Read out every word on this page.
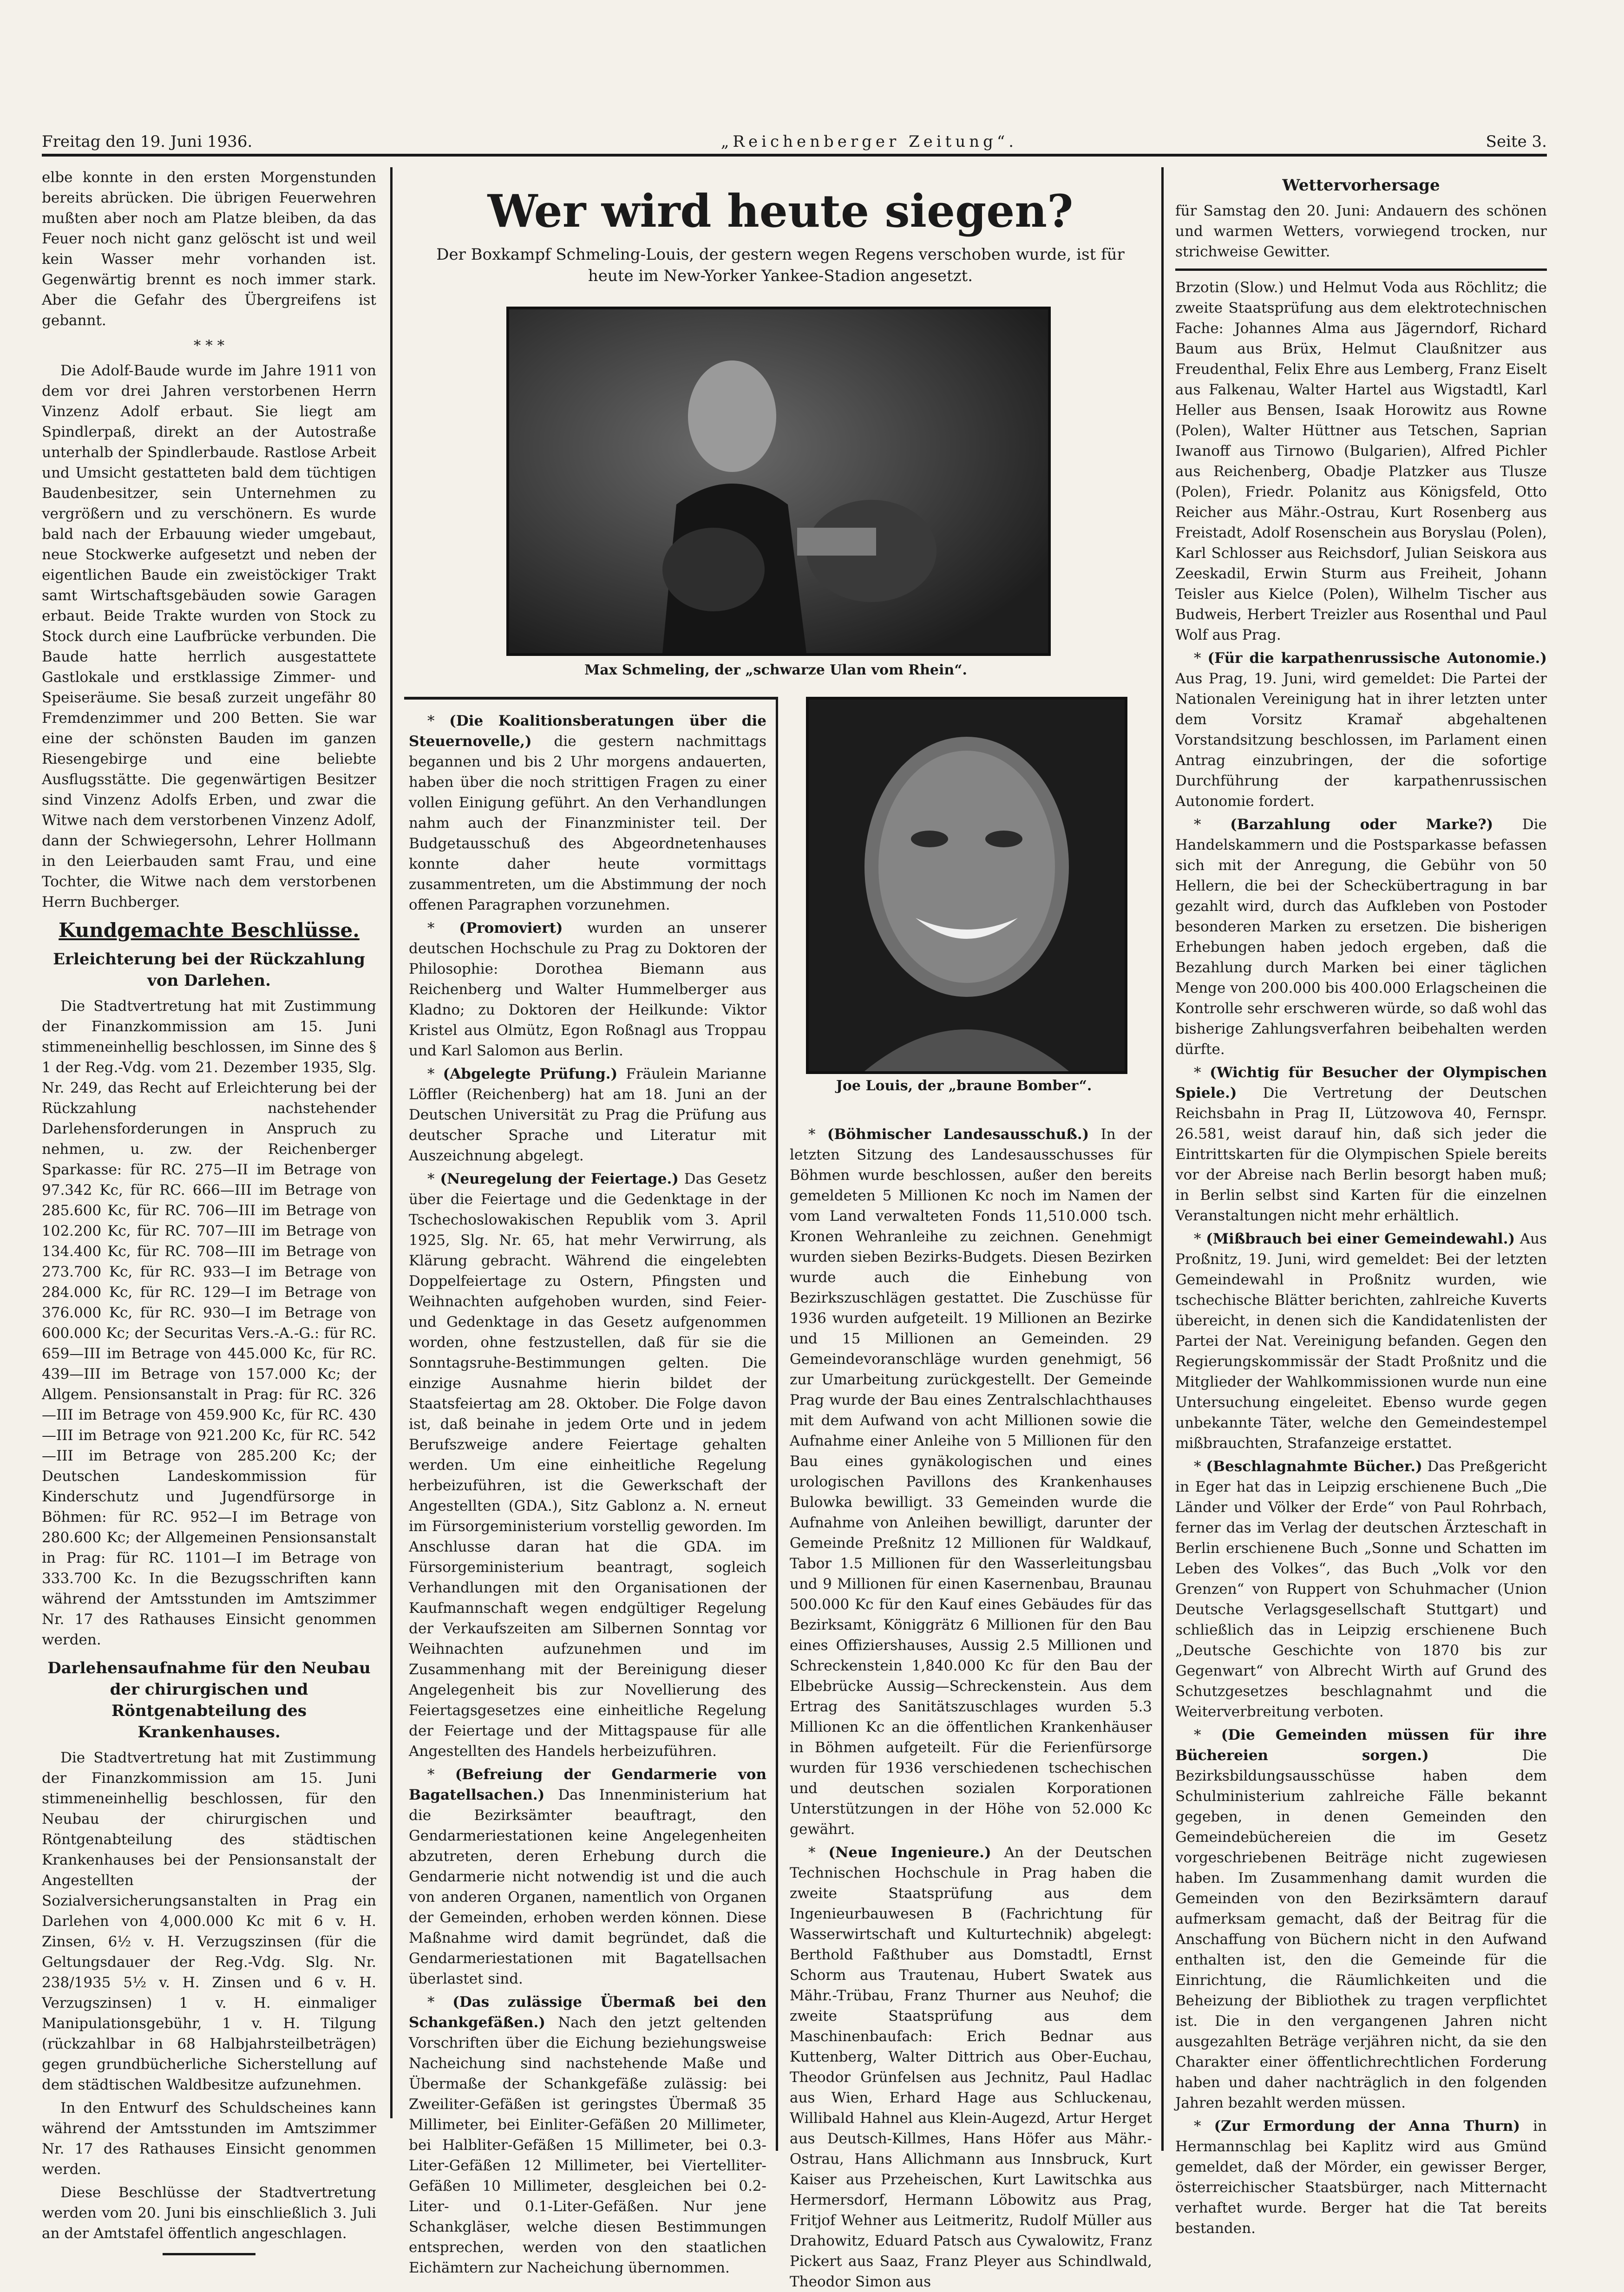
Freitag den 19. Juni 1936.	„Reichenberger Zeitung“.	Seite 3.

elbe konnte in den ersten Morgenstunden bereits abrücken. Die übrigen Feuerwehren mußten aber noch am Platze bleiben, da das Feuer noch nicht ganz gelöscht ist und weil kein Wasser mehr vorhanden ist. Gegenwärtig brennt es noch immer stark. Aber die Gefahr des Übergreifens ist gebannt.

* * *

Die Adolf-Baude wurde im Jahre 1911 von dem vor drei Jahren verstorbenen Herrn Vinzenz Adolf erbaut. Sie liegt am Spindlerpaß, direkt an der Autostraße unterhalb der Spindlerbaude. Rastlose Arbeit und Umsicht gestatteten bald dem tüchtigen Baudenbesitzer, sein Unternehmen zu vergrößern und zu verschönern. Es wurde bald nach der Erbauung wieder umgebaut, neue Stockwerke aufgesetzt und neben der eigentlichen Baude ein zweistöckiger Trakt samt Wirtschaftsgebäuden sowie Garagen erbaut. Beide Trakte wurden von Stock zu Stock durch eine Laufbrücke verbunden. Die Baude hatte herrlich ausgestattete Gastlokale und erstklassige Zimmer- und Speiseräume. Sie besaß zurzeit ungefähr 80 Fremdenzimmer und 200 Betten. Sie war eine der schönsten Bauden im ganzen Riesengebirge und eine beliebte Ausflugsstätte. Die gegenwärtigen Besitzer sind Vinzenz Adolfs Erben, und zwar die Witwe nach dem verstorbenen Vinzenz Adolf, dann der Schwiegersohn, Lehrer Hollmann in den Leierbauden samt Frau, und eine Tochter, die Witwe nach dem verstorbenen Herrn Buchberger.

Kundgemachte Beschlüsse.
Erleichterung bei der Rückzahlung von Darlehen.

Die Stadtvertretung hat mit Zustimmung der Finanzkommission am 15. Juni stimmeneinhellig beschlossen, im Sinne des § 1 der Reg.-Vdg. vom 21. Dezember 1935, Slg. Nr. 249, das Recht auf Erleichterung bei der Rückzahlung nachstehender Darlehensforderungen in Anspruch zu nehmen, u. zw. der Reichenberger Sparkasse: für RC. 275—II im Betrage von 97.342 Kc, für RC. 666—III im Betrage von 285.600 Kc, für RC. 706—III im Betrage von 102.200 Kc, für RC. 707—III im Betrage von 134.400 Kc, für RC. 708—III im Betrage von 273.700 Kc, für RC. 933—I im Betrage von 284.000 Kc, für RC. 129—I im Betrage von 376.000 Kc, für RC. 930—I im Betrage von 600.000 Kc; der Securitas Vers.-A.-G.: für RC. 659—III im Betrage von 445.000 Kc, für RC. 439—III im Betrage von 157.000 Kc; der Allgem. Pensionsanstalt in Prag: für RC. 326—III im Betrage von 459.900 Kc, für RC. 430—III im Betrage von 921.200 Kc, für RC. 542—III im Betrage von 285.200 Kc; der Deutschen Landeskommission für Kinderschutz und Jugendfürsorge in Böhmen: für RC. 952—I im Betrage von 280.600 Kc; der Allgemeinen Pensionsanstalt in Prag: für RC. 1101—I im Betrage von 333.700 Kc. In die Bezugsschriften kann während der Amtsstunden im Amtszimmer Nr. 17 des Rathauses Einsicht genommen werden.

Darlehensaufnahme für den Neubau der chirurgischen und Röntgenabteilung des Krankenhauses.

Die Stadtvertretung hat mit Zustimmung der Finanzkommission am 15. Juni stimmeneinhellig beschlossen, für den Neubau der chirurgischen und Röntgenabteilung des städtischen Krankenhauses bei der Pensionsanstalt der Angestellten der Sozialversicherungsanstalten in Prag ein Darlehen von 4,000.000 Kc mit 6 v. H. Zinsen, 6½ v. H. Verzugszinsen (für die Geltungsdauer der Reg.-Vdg. Slg. Nr. 238/1935 5½ v. H. Zinsen und 6 v. H. Verzugszinsen) 1 v. H. einmaliger Manipulationsgebühr, 1 v. H. Tilgung (rückzahlbar in 68 Halbjahrsteilbeträgen) gegen grundbücherliche Sicherstellung auf dem städtischen Waldbesitze aufzunehmen.

In den Entwurf des Schuldscheines kann während der Amtsstunden im Amtszimmer Nr. 17 des Rathauses Einsicht genommen werden.

Diese Beschlüsse der Stadtvertretung werden vom 20. Juni bis einschließlich 3. Juli an der Amtstafel öffentlich angeschlagen.

Wer wird heute siegen?
Der Boxkampf Schmeling-Louis, der gestern wegen Regens verschoben wurde, ist für heute im New-Yorker Yankee-Stadion angesetzt.
Max Schmeling, der „schwarze Ulan vom Rhein“.

* (Die Koalitionsberatungen über die Steuernovelle,) die gestern nachmittags begannen und bis 2 Uhr morgens andauerten, haben über die noch strittigen Fragen zu einer vollen Einigung geführt. An den Verhandlungen nahm auch der Finanzminister teil. Der Budgetausschuß des Abgeordnetenhauses konnte daher heute vormittags zusammentreten, um die Abstimmung der noch offenen Paragraphen vorzunehmen.

* (Promoviert) wurden an unserer deutschen Hochschule zu Prag zu Doktoren der Philosophie: Dorothea Biemann aus Reichenberg und Walter Hummelberger aus Kladno; zu Doktoren der Heilkunde: Viktor Kristel aus Olmütz, Egon Roßnagl aus Troppau und Karl Salomon aus Berlin.

* (Abgelegte Prüfung.) Fräulein Marianne Löffler (Reichenberg) hat am 18. Juni an der Deutschen Universität zu Prag die Prüfung aus deutscher Sprache und Literatur mit Auszeichnung abgelegt.

* (Neuregelung der Feiertage.) Das Gesetz über die Feiertage und die Gedenktage in der Tschechoslowakischen Republik vom 3. April 1925, Slg. Nr. 65, hat mehr Verwirrung, als Klärung gebracht. Während die eingelebten Doppelfeiertage zu Ostern, Pfingsten und Weihnachten aufgehoben wurden, sind Feier- und Gedenktage in das Gesetz aufgenommen worden, ohne festzustellen, daß für sie die Sonntagsruhe-Bestimmungen gelten. Die einzige Ausnahme hierin bildet der Staatsfeiertag am 28. Oktober. Die Folge davon ist, daß beinahe in jedem Orte und in jedem Berufszweige andere Feiertage gehalten werden. Um eine einheitliche Regelung herbeizuführen, ist die Gewerkschaft der Angestellten (GDA.), Sitz Gablonz a. N. erneut im Fürsorgeministerium vorstellig geworden. Im Anschlusse daran hat die GDA. im Fürsorgeministerium beantragt, sogleich Verhandlungen mit den Organisationen der Kaufmannschaft wegen endgültiger Regelung der Verkaufszeiten am Silbernen Sonntag vor Weihnachten aufzunehmen und im Zusammenhang mit der Bereinigung dieser Angelegenheit bis zur Novellierung des Feiertagsgesetzes eine einheitliche Regelung der Feiertage und der Mittagspause für alle Angestellten des Handels herbeizuführen.

* (Befreiung der Gendarmerie von Bagatellsachen.) Das Innenministerium hat die Bezirksämter beauftragt, den Gendarmeriestationen keine Angelegenheiten abzutreten, deren Erhebung durch die Gendarmerie nicht notwendig ist und die auch von anderen Organen, namentlich von Organen der Gemeinden, erhoben werden können. Diese Maßnahme wird damit begründet, daß die Gendarmeriestationen mit Bagatellsachen überlastet sind.

* (Das zulässige Übermaß bei den Schankgefäßen.) Nach den jetzt geltenden Vorschriften über die Eichung beziehungsweise Nacheichung sind nachstehende Maße und Übermaße der Schankgefäße zulässig: bei Zweiliter-Gefäßen ist geringstes Übermaß 35 Millimeter, bei Einliter-Gefäßen 20 Millimeter, bei Halbliter-Gefäßen 15 Millimeter, bei 0.3-Liter-Gefäßen 12 Millimeter, bei Viertelliter-Gefäßen 10 Millimeter, desgleichen bei 0.2-Liter- und 0.1-Liter-Gefäßen. Nur jene Schankgläser, welche diesen Bestimmungen entsprechen, werden von den staatlichen Eichämtern zur Nacheichung übernommen.

Joe Louis, der „braune Bomber“.

* (Böhmischer Landesausschuß.) In der letzten Sitzung des Landesausschusses für Böhmen wurde beschlossen, außer den bereits gemeldeten 5 Millionen Kc noch im Namen der vom Land verwalteten Fonds 11,510.000 tsch. Kronen Wehranleihe zu zeichnen. Genehmigt wurden sieben Bezirks-Budgets. Diesen Bezirken wurde auch die Einhebung von Bezirkszuschlägen gestattet. Die Zuschüsse für 1936 wurden aufgeteilt. 19 Millionen an Bezirke und 15 Millionen an Gemeinden. 29 Gemeindevoranschläge wurden genehmigt, 56 zur Umarbeitung zurückgestellt. Der Gemeinde Prag wurde der Bau eines Zentralschlachthauses mit dem Aufwand von acht Millionen sowie die Aufnahme einer Anleihe von 5 Millionen für den Bau eines gynäkologischen und eines urologischen Pavillons des Krankenhauses Bulowka bewilligt. 33 Gemeinden wurde die Aufnahme von Anleihen bewilligt, darunter der Gemeinde Preßnitz 12 Millionen für Waldkauf, Tabor 1.5 Millionen für den Wasserleitungsbau und 9 Millionen für einen Kasernenbau, Braunau 500.000 Kc für den Kauf eines Gebäudes für das Bezirksamt, Königgrätz 6 Millionen für den Bau eines Offiziershauses, Aussig 2.5 Millionen und Schreckenstein 1,840.000 Kc für den Bau der Elbebrücke Aussig—Schreckenstein. Aus dem Ertrag des Sanitätszuschlages wurden 5.3 Millionen Kc an die öffentlichen Krankenhäuser in Böhmen aufgeteilt. Für die Ferienfürsorge wurden für 1936 verschiedenen tschechischen und deutschen sozialen Korporationen Unterstützungen in der Höhe von 52.000 Kc gewährt.

* (Neue Ingenieure.) An der Deutschen Technischen Hochschule in Prag haben die zweite Staatsprüfung aus dem Ingenieurbauwesen B (Fachrichtung für Wasserwirtschaft und Kulturtechnik) abgelegt: Berthold Faßthuber aus Domstadtl, Ernst Schorm aus Trautenau, Hubert Swatek aus Mähr.-Trübau, Franz Thurner aus Neuhof; die zweite Staatsprüfung aus dem Maschinenbaufach: Erich Bednar aus Kuttenberg, Walter Dittrich aus Ober-Euchau, Theodor Grünfelsen aus Jechnitz, Paul Hadlac aus Wien, Erhard Hage aus Schluckenau, Willibald Hahnel aus Klein-Augezd, Artur Herget aus Deutsch-Killmes, Hans Höfer aus Mähr.-Ostrau, Hans Allichmann aus Innsbruck, Kurt Kaiser aus Przeheischen, Kurt Lawitschka aus Hermersdorf, Hermann Löbowitz aus Prag, Fritjof Wehner aus Leitmeritz, Rudolf Müller aus Drahowitz, Eduard Patsch aus Cywalowitz, Franz Pickert aus Saaz, Franz Pleyer aus Schindlwald, Theodor Simon aus

Wettervorhersage

für Samstag den 20. Juni: Andauern des schönen und warmen Wetters, vorwiegend trocken, nur strichweise Gewitter.

Brzotin (Slow.) und Helmut Voda aus Röchlitz; die zweite Staatsprüfung aus dem elektrotechnischen Fache: Johannes Alma aus Jägerndorf, Richard Baum aus Brüx, Helmut Claußnitzer aus Freudenthal, Felix Ehre aus Lemberg, Franz Eiselt aus Falkenau, Walter Hartel aus Wigstadtl, Karl Heller aus Bensen, Isaak Horowitz aus Rowne (Polen), Walter Hüttner aus Tetschen, Saprian Iwanoff aus Tirnowo (Bulgarien), Alfred Pichler aus Reichenberg, Obadje Platzker aus Tlusze (Polen), Friedr. Polanitz aus Königsfeld, Otto Reicher aus Mähr.-Ostrau, Kurt Rosenberg aus Freistadt, Adolf Rosenschein aus Boryslau (Polen), Karl Schlosser aus Reichsdorf, Julian Seiskora aus Zeeskadil, Erwin Sturm aus Freiheit, Johann Teisler aus Kielce (Polen), Wilhelm Tischer aus Budweis, Herbert Treizler aus Rosenthal und Paul Wolf aus Prag.

* (Für die karpathenrussische Autonomie.) Aus Prag, 19. Juni, wird gemeldet: Die Partei der Nationalen Vereinigung hat in ihrer letzten unter dem Vorsitz Kramař abgehaltenen Vorstandsitzung beschlossen, im Parlament einen Antrag einzubringen, der die sofortige Durchführung der karpathenrussischen Autonomie fordert.

* (Barzahlung oder Marke?) Die Handelskammern und die Postsparkasse befassen sich mit der Anregung, die Gebühr von 50 Hellern, die bei der Scheckübertragung in bar gezahlt wird, durch das Aufkleben von Postoder besonderen Marken zu ersetzen. Die bisherigen Erhebungen haben jedoch ergeben, daß die Bezahlung durch Marken bei einer täglichen Menge von 200.000 bis 400.000 Erlagscheinen die Kontrolle sehr erschweren würde, so daß wohl das bisherige Zahlungsverfahren beibehalten werden dürfte.

* (Wichtig für Besucher der Olympischen Spiele.) Die Vertretung der Deutschen Reichsbahn in Prag II, Lützowova 40, Fernspr. 26.581, weist darauf hin, daß sich jeder die Eintrittskarten für die Olympischen Spiele bereits vor der Abreise nach Berlin besorgt haben muß; in Berlin selbst sind Karten für die einzelnen Veranstaltungen nicht mehr erhältlich.

* (Mißbrauch bei einer Gemeindewahl.) Aus Proßnitz, 19. Juni, wird gemeldet: Bei der letzten Gemeindewahl in Proßnitz wurden, wie tschechische Blätter berichten, zahlreiche Kuverts übereicht, in denen sich die Kandidatenlisten der Partei der Nat. Vereinigung befanden. Gegen den Regierungskommissär der Stadt Proßnitz und die Mitglieder der Wahlkommissionen wurde nun eine Untersuchung eingeleitet. Ebenso wurde gegen unbekannte Täter, welche den Gemeindestempel mißbrauchten, Strafanzeige erstattet.

* (Beschlagnahmte Bücher.) Das Preßgericht in Eger hat das in Leipzig erschienene Buch „Die Länder und Völker der Erde“ von Paul Rohrbach, ferner das im Verlag der deutschen Ärzteschaft in Berlin erschienene Buch „Sonne und Schatten im Leben des Volkes“, das Buch „Volk vor den Grenzen“ von Ruppert von Schuhmacher (Union Deutsche Verlagsgesellschaft Stuttgart) und schließlich das in Leipzig erschienene Buch „Deutsche Geschichte von 1870 bis zur Gegenwart“ von Albrecht Wirth auf Grund des Schutzgesetzes beschlagnahmt und die Weiterverbreitung verboten.

* (Die Gemeinden müssen für ihre Büchereien sorgen.)	Die Bezirksbildungsausschüsse haben dem Schulministerium zahlreiche Fälle bekannt gegeben, in denen Gemeinden den Gemeindebüchereien die im Gesetz vorgeschriebenen Beiträge nicht zugewiesen haben. Im Zusammenhang damit wurden die Gemeinden von den Bezirksämtern darauf aufmerksam gemacht, daß der Beitrag für die Anschaffung von Büchern nicht in den Aufwand enthalten ist, den die Gemeinde für die Einrichtung, die Räumlichkeiten und die Beheizung der Bibliothek zu tragen verpflichtet ist. Die in den vergangenen Jahren nicht ausgezahlten Beträge verjähren nicht, da sie den Charakter einer öffentlichrechtlichen Forderung haben und daher nachträglich in den folgenden Jahren bezahlt werden müssen.

* (Zur Ermordung der Anna Thurn) in Hermannschlag bei Kaplitz wird aus Gmünd gemeldet, daß der Mörder, ein gewisser Berger, österreichischer Staatsbürger, nach Mitternacht verhaftet wurde. Berger hat die Tat bereits bestanden.
